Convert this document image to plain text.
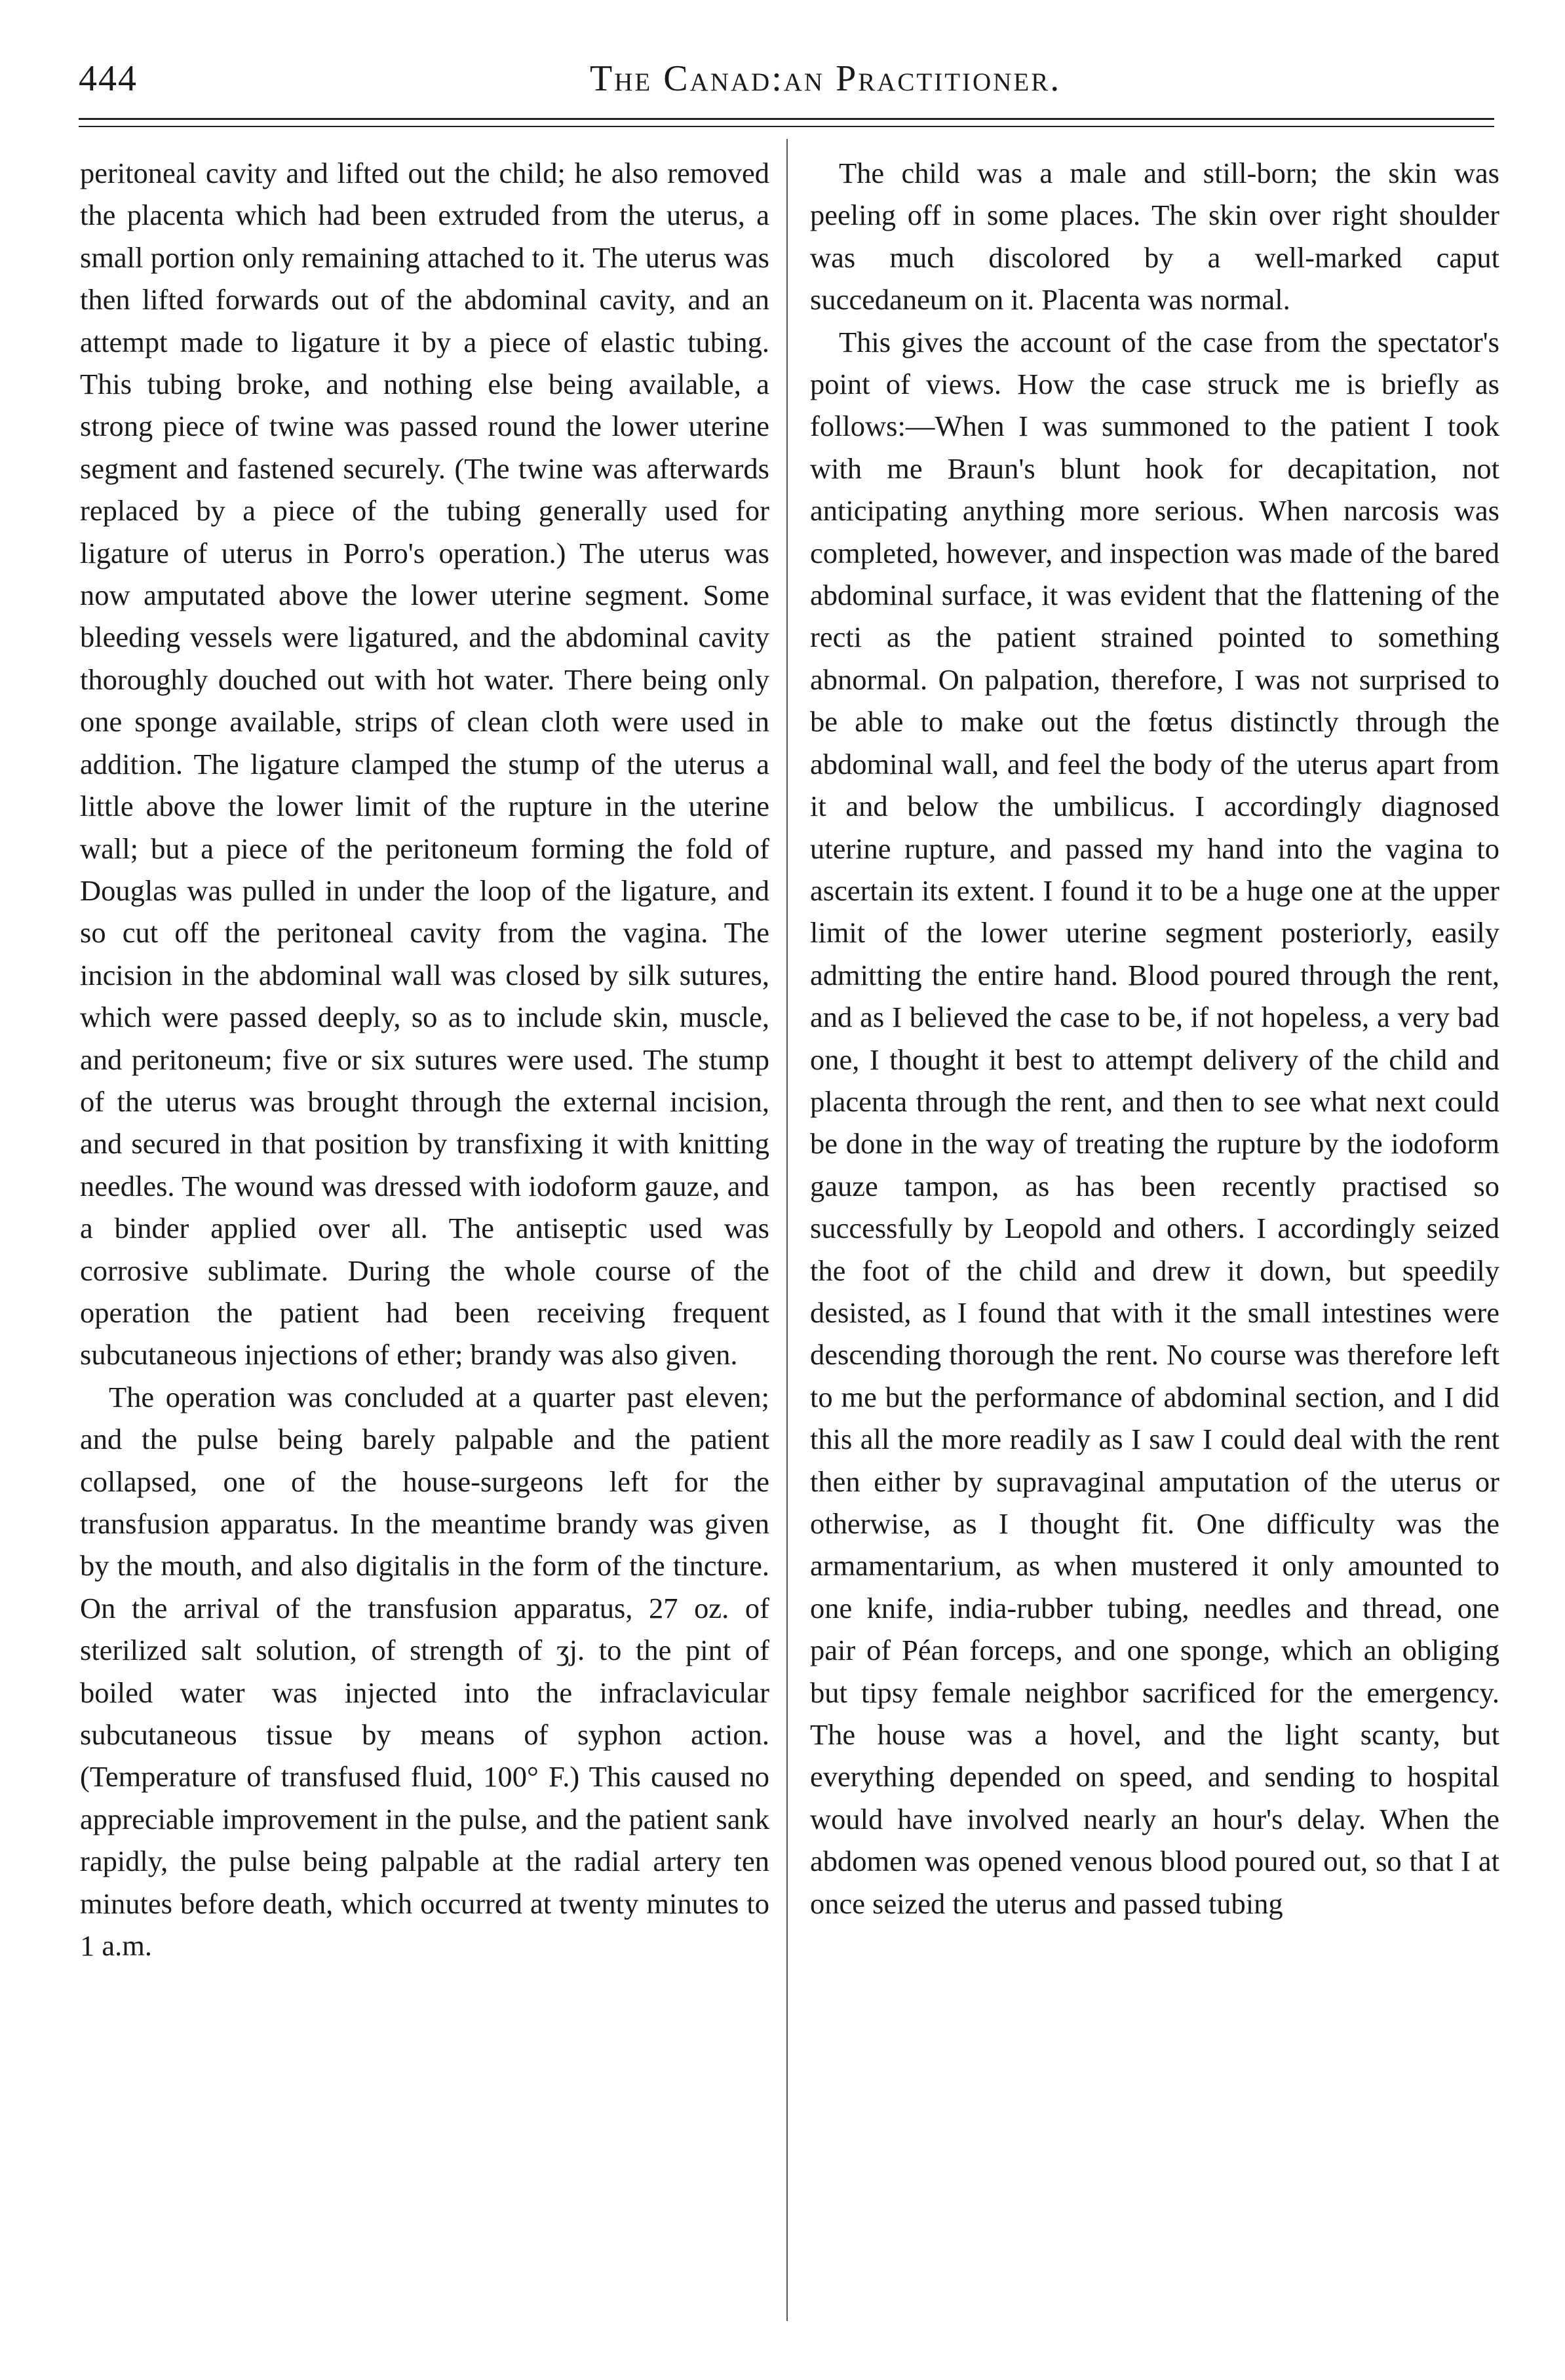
444	The Canad:an Practitioner.

peritoneal cavity and lifted out the child; he also removed the placenta which had been extruded from the uterus, a small portion only remaining attached to it. The uterus was then lifted forwards out of the abdominal cavity, and an attempt made to ligature it by a piece of elastic tubing. This tubing broke, and nothing else being available, a strong piece of twine was passed round the lower uterine segment and fastened securely. (The twine was afterwards replaced by a piece of the tubing generally used for ligature of uterus in Porro's operation.) The uterus was now amputated above the lower uterine segment. Some bleeding vessels were ligatured, and the abdominal cavity thoroughly douched out with hot water. There being only one sponge available, strips of clean cloth were used in addition. The ligature clamped the stump of the uterus a little above the lower limit of the rupture in the uterine wall; but a piece of the peritoneum forming the fold of Douglas was pulled in under the loop of the ligature, and so cut off the peritoneal cavity from the vagina. The incision in the abdominal wall was closed by silk sutures, which were passed deeply, so as to include skin, muscle, and peritoneum; five or six sutures were used. The stump of the uterus was brought through the external incision, and secured in that position by transfixing it with knitting needles. The wound was dressed with iodoform gauze, and a binder applied over all. The antiseptic used was corrosive sublimate. During the whole course of the operation the patient had been receiving frequent subcutaneous injections of ether; brandy was also given.

The operation was concluded at a quarter past eleven; and the pulse being barely palpable and the patient collapsed, one of the house-surgeons left for the transfusion apparatus. In the meantime brandy was given by the mouth, and also digitalis in the form of the tincture. On the arrival of the transfusion apparatus, 27 oz. of sterilized salt solution, of strength of ʒj. to the pint of boiled water was injected into the infraclavicular subcutaneous tissue by means of syphon action. (Temperature of transfused fluid, 100° F.) This caused no appreciable improvement in the pulse, and the patient sank rapidly, the pulse being palpable at the radial artery ten minutes before death, which occurred at twenty minutes to 1 a.m.

The child was a male and still-born; the skin was peeling off in some places. The skin over right shoulder was much discolored by a well-marked caput succedaneum on it. Placenta was normal.

This gives the account of the case from the spectator's point of views. How the case struck me is briefly as follows:—When I was summoned to the patient I took with me Braun's blunt hook for decapitation, not anticipating anything more serious. When narcosis was completed, however, and inspection was made of the bared abdominal surface, it was evident that the flattening of the recti as the patient strained pointed to something abnormal. On palpation, therefore, I was not surprised to be able to make out the fœtus distinctly through the abdominal wall, and feel the body of the uterus apart from it and below the umbilicus. I accordingly diagnosed uterine rupture, and passed my hand into the vagina to ascertain its extent. I found it to be a huge one at the upper limit of the lower uterine segment posteriorly, easily admitting the entire hand. Blood poured through the rent, and as I believed the case to be, if not hopeless, a very bad one, I thought it best to attempt delivery of the child and placenta through the rent, and then to see what next could be done in the way of treating the rupture by the iodoform gauze tampon, as has been recently practised so successfully by Leopold and others. I accordingly seized the foot of the child and drew it down, but speedily desisted, as I found that with it the small intestines were descending thorough the rent. No course was therefore left to me but the performance of abdominal section, and I did this all the more readily as I saw I could deal with the rent then either by supravaginal amputation of the uterus or otherwise, as I thought fit. One difficulty was the armamentarium, as when mustered it only amounted to one knife, india-rubber tubing, needles and thread, one pair of Péan forceps, and one sponge, which an obliging but tipsy female neighbor sacrificed for the emergency. The house was a hovel, and the light scanty, but everything depended on speed, and sending to hospital would have involved nearly an hour's delay. When the abdomen was opened venous blood poured out, so that I at once seized the uterus and passed tubing
